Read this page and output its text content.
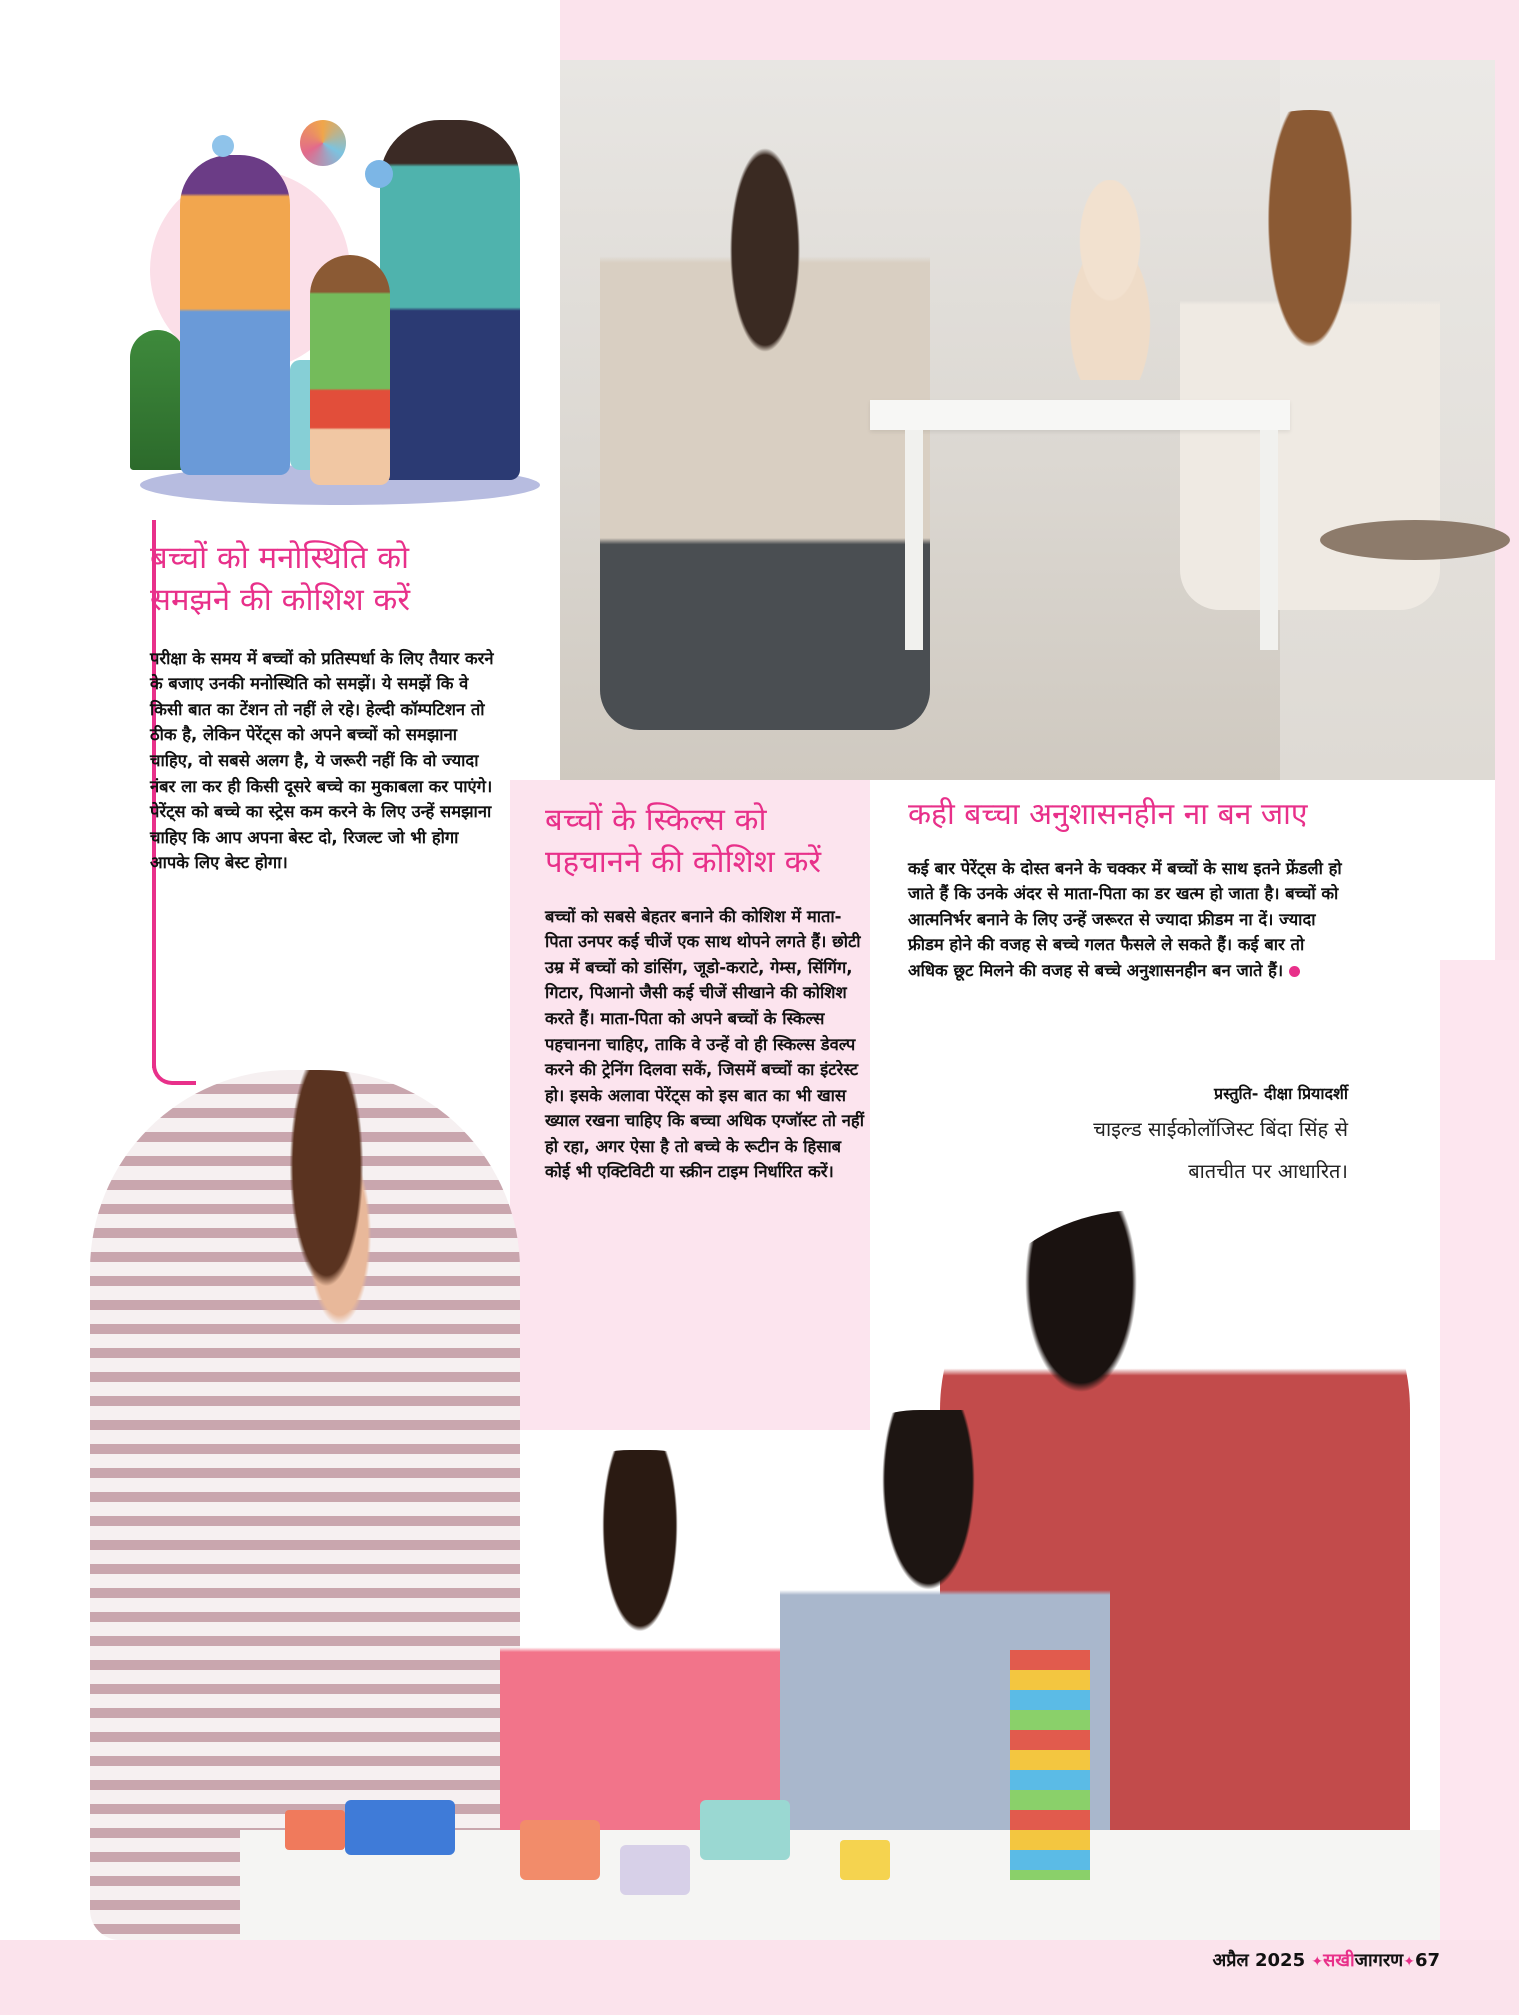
बच्चों को मनोस्थिति को समझने की कोशिश करें

परीक्षा के समय में बच्चों को प्रतिस्पर्धा के लिए तैयार करने के बजाए उनकी मनोस्थिति को समझें। ये समझें कि वे किसी बात का टेंशन तो नहीं ले रहे। हेल्दी कॉम्पटिशन तो ठीक है, लेकिन पेरेंट्स को अपने बच्चों को समझाना चाहिए, वो सबसे अलग है, ये जरूरी नहीं कि वो ज्यादा नंबर ला कर ही किसी दूसरे बच्चे का मुकाबला कर पाएंगे। पेरेंट्स को बच्चे का स्ट्रेस कम करने के लिए उन्हें समझाना चाहिए कि आप अपना बेस्ट दो, रिजल्ट जो भी होगा आपके लिए बेस्ट होगा।

बच्चों के स्किल्स को पहचानने की कोशिश करें

बच्चों को सबसे बेहतर बनाने की कोशिश में माता-पिता उनपर कई चीजें एक साथ थोपने लगते हैं। छोटी उम्र में बच्चों को डांसिंग, जूडो-कराटे, गेम्स, सिंगिंग, गिटार, पिआनो जैसी कई चीजें सीखाने की कोशिश करते हैं। माता-पिता को अपने बच्चों के स्किल्स पहचानना चाहिए, ताकि वे उन्हें वो ही स्किल्स डेवल्प करने की ट्रेनिंग दिलवा सकें, जिसमें बच्चों का इंटरेस्ट हो। इसके अलावा पेरेंट्स को इस बात का भी खास ख्याल रखना चाहिए कि बच्चा अधिक एग्जॉस्ट तो नहीं हो रहा, अगर ऐसा है तो बच्चे के रूटीन के हिसाब कोई भी एक्टिविटी या स्क्रीन टाइम निर्धारित करें।

कही बच्चा अनुशासनहीन ना बन जाए

कई बार पेरेंट्स के दोस्त बनने के चक्कर में बच्चों के साथ इतने फ्रेंडली हो जाते हैं कि उनके अंदर से माता-पिता का डर खत्म हो जाता है। बच्चों को आत्मनिर्भर बनाने के लिए उन्हें जरूरत से ज्यादा फ्रीडम ना दें। ज्यादा फ्रीडम होने की वजह से बच्चे गलत फैसले ले सकते हैं। कई बार तो अधिक छूट मिलने की वजह से बच्चे अनुशासनहीन बन जाते हैं।

प्रस्तुति- दीक्षा प्रियादर्शी
चाइल्ड साईकोलॉजिस्ट बिंदा सिंह से
बातचीत पर आधारित।
अप्रैल 2025 ✦सखीजागरण✦67
